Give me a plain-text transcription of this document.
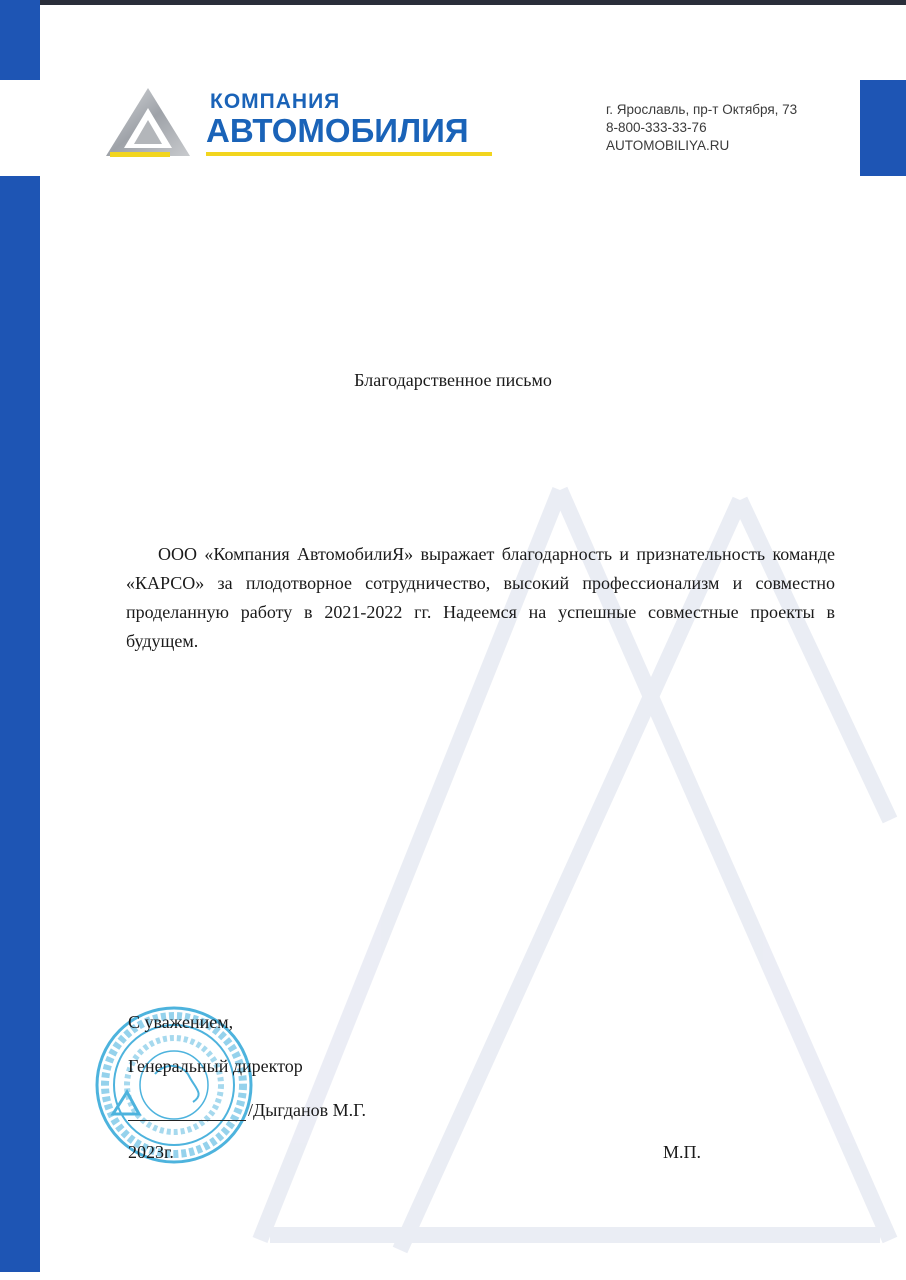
КОМПАНИЯ
АВТОМОБИЛИЯ
г. Ярославль, пр-т Октября, 73
8-800-333-33-76
AUTOMOBILIYA.RU
Благодарственное письмо
ООО «Компания АвтомобилиЯ» выражает благодарность и признательность команде «КАРСО» за плодотворное сотрудничество, высокий профессионализм и совместно проделанную работу в 2021-2022 гг. Надеемся на успешные совместные проекты в будущем.
С уважением,
Генеральный директор
/Дыгданов М.Г.
2023г.	М.П.
